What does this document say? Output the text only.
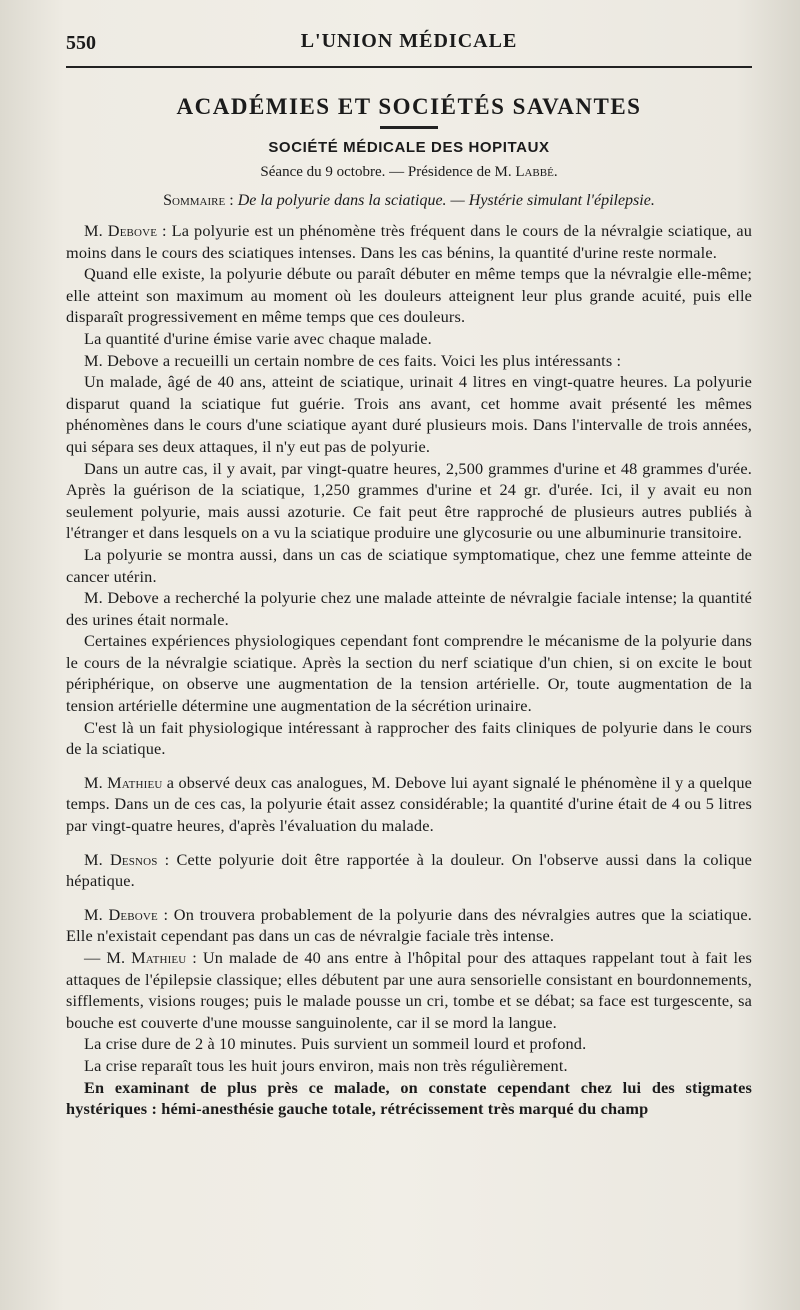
550	L'UNION MÉDICALE
ACADÉMIES ET SOCIÉTÉS SAVANTES
SOCIÉTÉ MÉDICALE DES HOPITAUX
Séance du 9 octobre. — Présidence de M. Labbé.
Sommaire : De la polyurie dans la sciatique. — Hystérie simulant l'épilepsie.

M. Debove : La polyurie est un phénomène très fréquent dans le cours de la névralgie sciatique, au moins dans le cours des sciatiques intenses. Dans les cas bénins, la quantité d'urine reste normale.

Quand elle existe, la polyurie débute ou paraît débuter en même temps que la névralgie elle-même; elle atteint son maximum au moment où les douleurs atteignent leur plus grande acuité, puis elle disparaît progressivement en même temps que ces douleurs.

La quantité d'urine émise varie avec chaque malade.

M. Debove a recueilli un certain nombre de ces faits. Voici les plus intéressants :

Un malade, âgé de 40 ans, atteint de sciatique, urinait 4 litres en vingt-quatre heures. La polyurie disparut quand la sciatique fut guérie. Trois ans avant, cet homme avait présenté les mêmes phénomènes dans le cours d'une sciatique ayant duré plusieurs mois. Dans l'intervalle de trois années, qui sépara ses deux attaques, il n'y eut pas de polyurie.

Dans un autre cas, il y avait, par vingt-quatre heures, 2,500 grammes d'urine et 48 grammes d'urée. Après la guérison de la sciatique, 1,250 grammes d'urine et 24 gr. d'urée. Ici, il y avait eu non seulement polyurie, mais aussi azoturie. Ce fait peut être rapproché de plusieurs autres publiés à l'étranger et dans lesquels on a vu la sciatique produire une glycosurie ou une albuminurie transitoire.

La polyurie se montra aussi, dans un cas de sciatique symptomatique, chez une femme atteinte de cancer utérin.

M. Debove a recherché la polyurie chez une malade atteinte de névralgie faciale intense; la quantité des urines était normale.

Certaines expériences physiologiques cependant font comprendre le mécanisme de la polyurie dans le cours de la névralgie sciatique. Après la section du nerf sciatique d'un chien, si on excite le bout périphérique, on observe une augmentation de la tension artérielle. Or, toute augmentation de la tension artérielle détermine une augmentation de la sécrétion urinaire.

C'est là un fait physiologique intéressant à rapprocher des faits cliniques de polyurie dans le cours de la sciatique.

M. Mathieu a observé deux cas analogues, M. Debove lui ayant signalé le phénomène il y a quelque temps. Dans un de ces cas, la polyurie était assez considérable; la quantité d'urine était de 4 ou 5 litres par vingt-quatre heures, d'après l'évaluation du malade.

M. Desnos : Cette polyurie doit être rapportée à la douleur. On l'observe aussi dans la colique hépatique.

M. Debove : On trouvera probablement de la polyurie dans des névralgies autres que la sciatique. Elle n'existait cependant pas dans un cas de névralgie faciale très intense.

— M. Mathieu : Un malade de 40 ans entre à l'hôpital pour des attaques rappelant tout à fait les attaques de l'épilepsie classique; elles débutent par une aura sensorielle consistant en bourdonnements, sifflements, visions rouges; puis le malade pousse un cri, tombe et se débat; sa face est turgescente, sa bouche est couverte d'une mousse sanguinolente, car il se mord la langue.

La crise dure de 2 à 10 minutes. Puis survient un sommeil lourd et profond.

La crise reparaît tous les huit jours environ, mais non très régulièrement.

En examinant de plus près ce malade, on constate cependant chez lui des stigmates hystériques : hémi-anesthésie gauche totale, rétrécissement très marqué du champ
